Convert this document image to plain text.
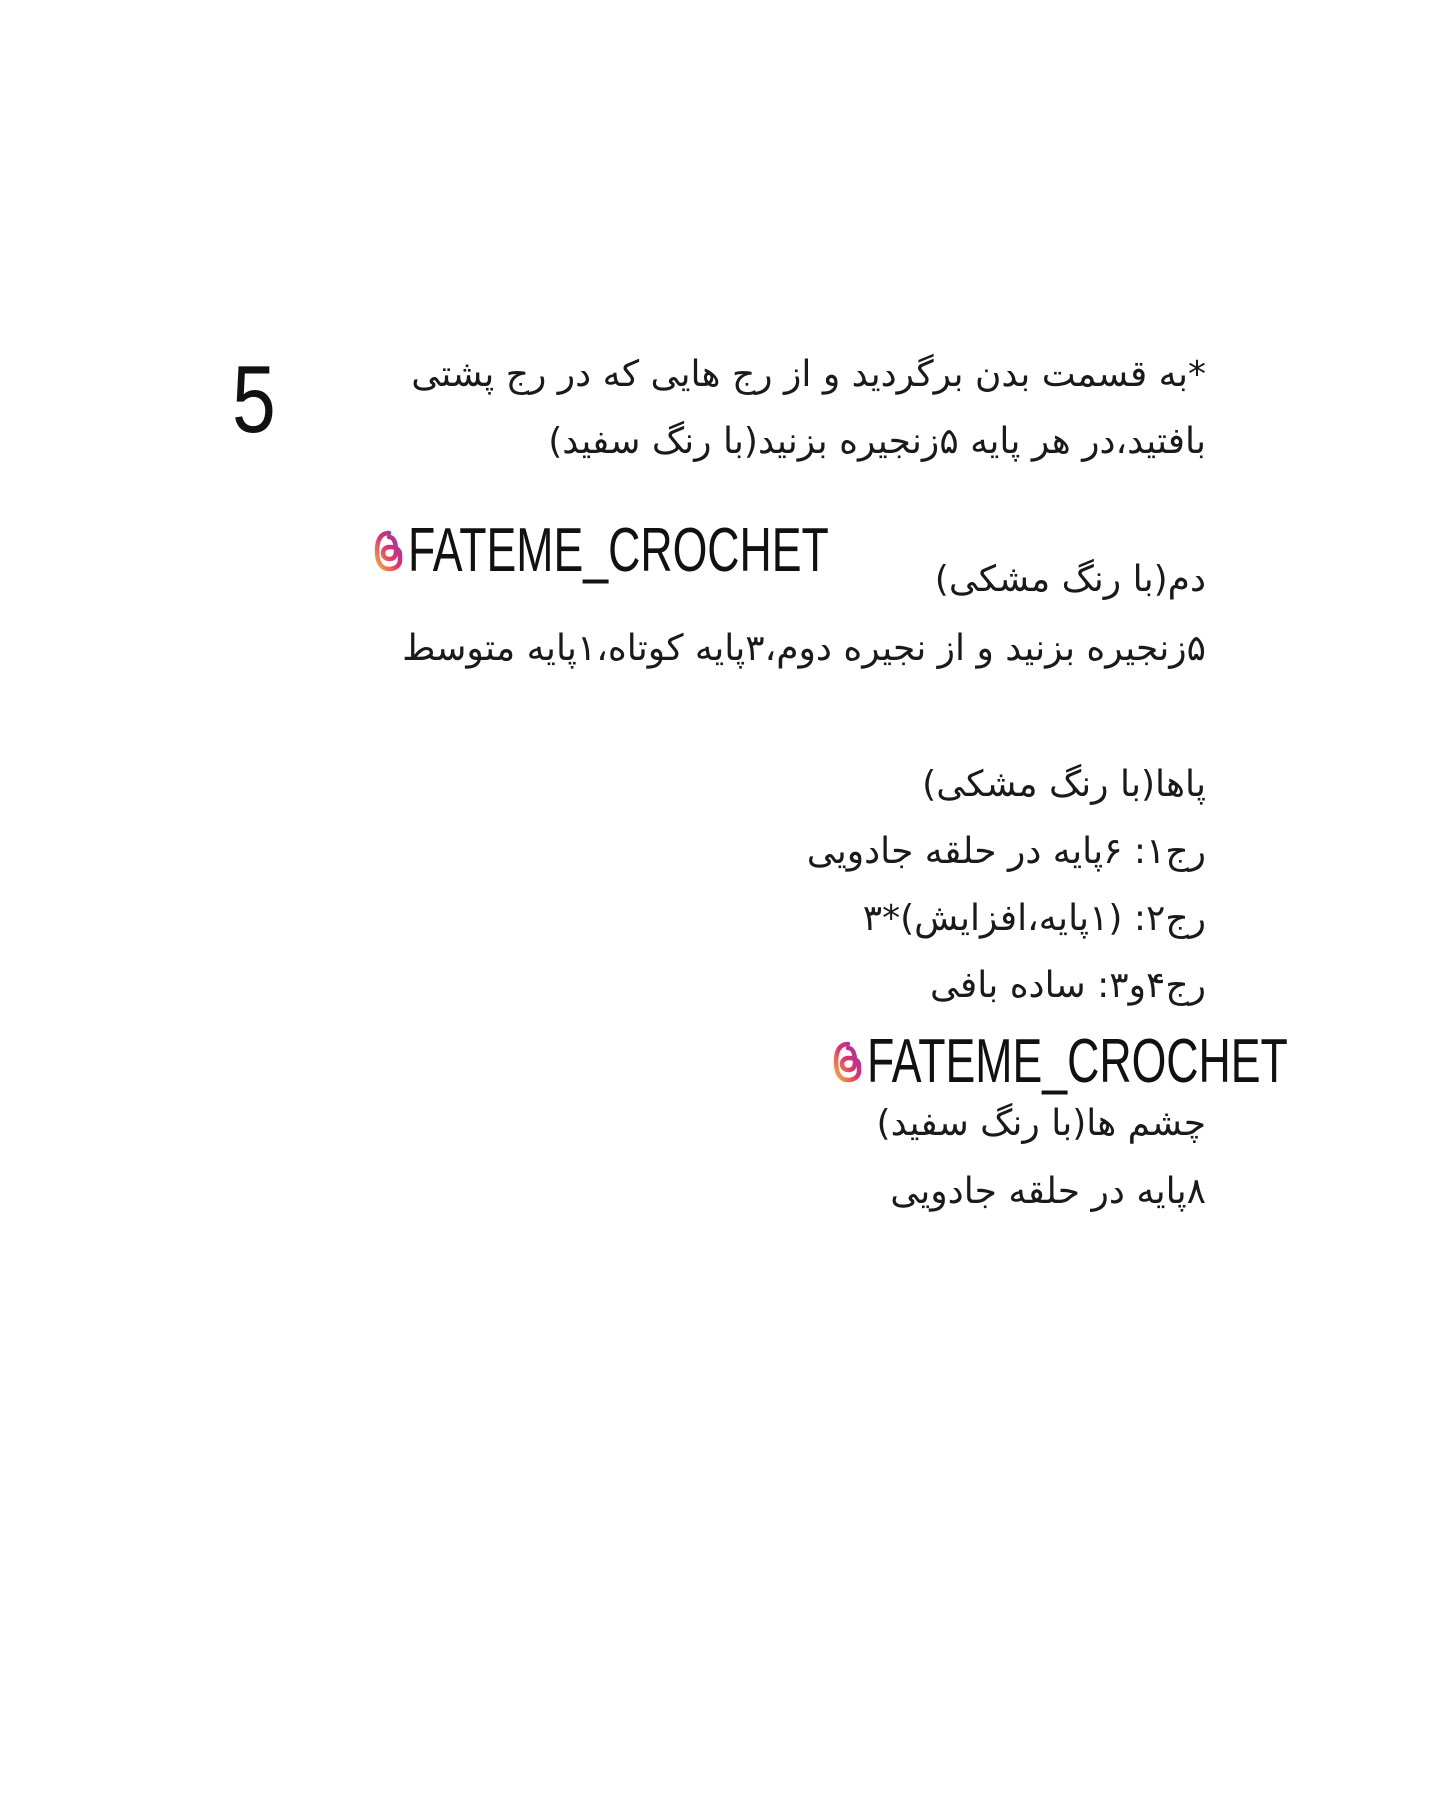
5	*به قسمت بدن برگردید و از رج هایی که در رج پشتی
بافتید،در هر پایه ۵زنجیره بزنید(با رنگ سفید)
FATEME_CROCHET	دم(با رنگ مشکی)
۵زنجیره بزنید و از نجیره دوم،۳پایه کوتاه،۱پایه متوسط
پاها(با رنگ مشکی)
رج۱: ۶پایه در حلقه جادویی
رج۲: (۱پایه،افزایش)*۳
رج۴و۳: ساده بافی
FATEME_CROCHET
چشم ها(با رنگ سفید)
۸پایه در حلقه جادویی
